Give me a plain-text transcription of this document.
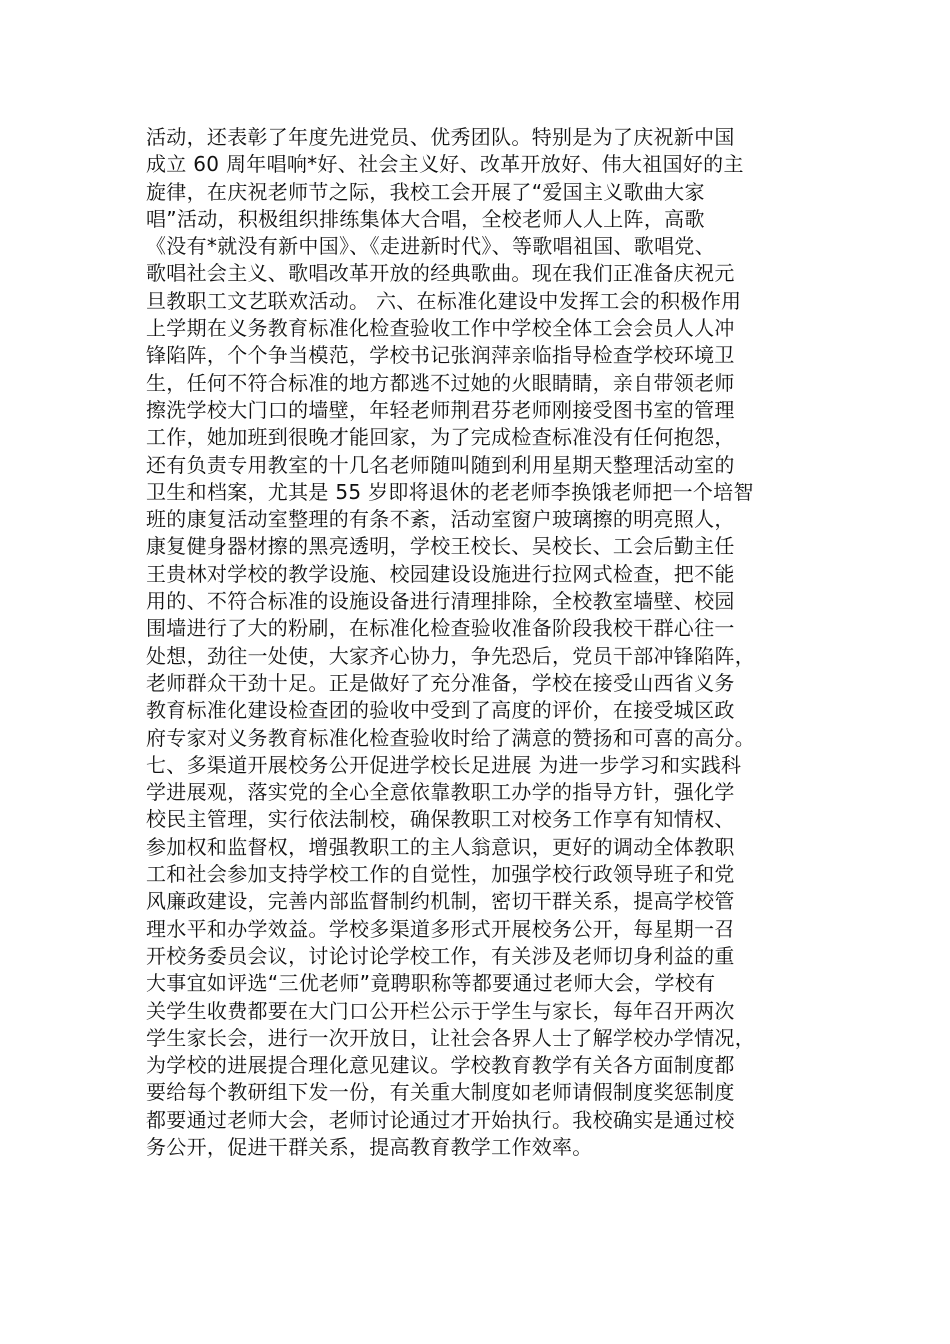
活动，还表彰了年度先进党员、优秀团队。特别是为了庆祝新中国
成立 60 周年唱响*好、社会主义好、改革开放好、伟大祖国好的主
旋律，在庆祝老师节之际，我校工会开展了“爱国主义歌曲大家
唱”活动，积极组织排练集体大合唱，全校老师人人上阵，高歌
《没有*就没有新中国》、《走进新时代》、等歌唱祖国、歌唱党、
歌唱社会主义、歌唱改革开放的经典歌曲。现在我们正准备庆祝元
旦教职工文艺联欢活动。 六、在标准化建设中发挥工会的积极作用
上学期在义务教育标准化检查验收工作中学校全体工会会员人人冲
锋陷阵，个个争当模范，学校书记张润萍亲临指导检查学校环境卫
生，任何不符合标准的地方都逃不过她的火眼睛睛，亲自带领老师
擦洗学校大门口的墙壁，年轻老师荆君芬老师刚接受图书室的管理
工作，她加班到很晚才能回家，为了完成检查标准没有任何抱怨，
还有负责专用教室的十几名老师随叫随到利用星期天整理活动室的
卫生和档案，尤其是 55 岁即将退休的老老师李换饿老师把一个培智
班的康复活动室整理的有条不紊，活动室窗户玻璃擦的明亮照人，
康复健身器材擦的黑亮透明，学校王校长、吴校长、工会后勤主任
王贵林对学校的教学设施、校园建设设施进行拉网式检查，把不能
用的、不符合标准的设施设备进行清理排除，全校教室墙壁、校园
围墙进行了大的粉刷，在标准化检查验收准备阶段我校干群心往一
处想，劲往一处使，大家齐心协力，争先恐后，党员干部冲锋陷阵，
老师群众干劲十足。正是做好了充分准备，学校在接受山西省义务
教育标准化建设检查团的验收中受到了高度的评价，在接受城区政
府专家对义务教育标准化检查验收时给了满意的赞扬和可喜的高分。
七、多渠道开展校务公开促进学校长足进展 为进一步学习和实践科
学进展观，落实党的全心全意依靠教职工办学的指导方针，强化学
校民主管理，实行依法制校，确保教职工对校务工作享有知情权、
参加权和监督权，增强教职工的主人翁意识，更好的调动全体教职
工和社会参加支持学校工作的自觉性，加强学校行政领导班子和党
风廉政建设，完善内部监督制约机制，密切干群关系，提高学校管
理水平和办学效益。学校多渠道多形式开展校务公开，每星期一召
开校务委员会议，讨论讨论学校工作，有关涉及老师切身利益的重
大事宜如评选“三优老师”竟聘职称等都要通过老师大会，学校有
关学生收费都要在大门口公开栏公示于学生与家长，每年召开两次
学生家长会，进行一次开放日，让社会各界人士了解学校办学情况，
为学校的进展提合理化意见建议。学校教育教学有关各方面制度都
要给每个教研组下发一份，有关重大制度如老师请假制度奖惩制度
都要通过老师大会，老师讨论通过才开始执行。我校确实是通过校
务公开，促进干群关系，提高教育教学工作效率。
